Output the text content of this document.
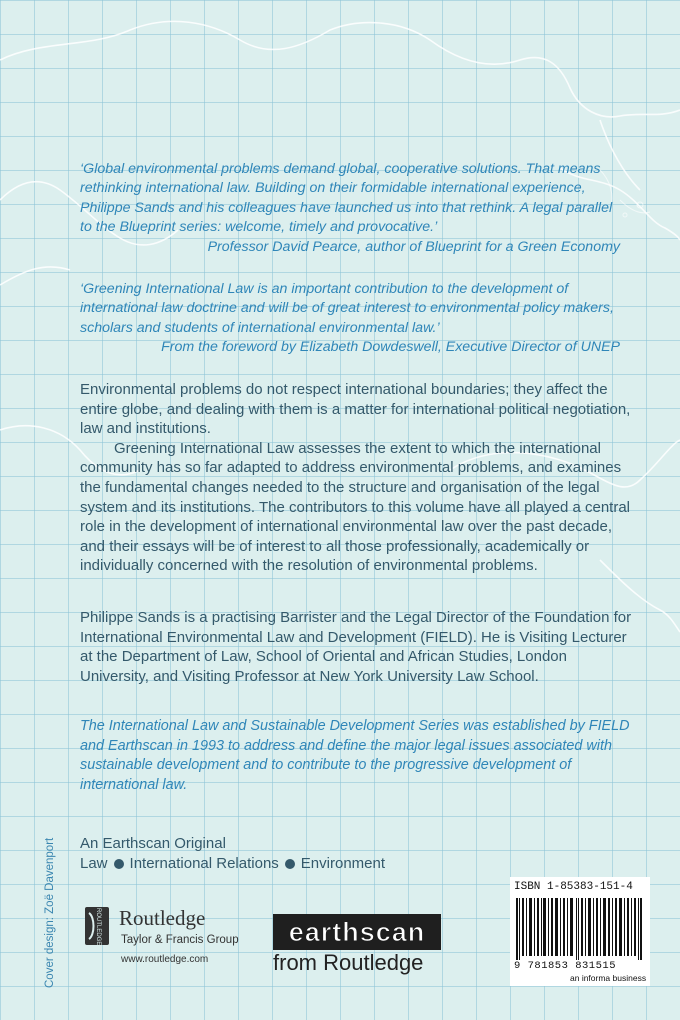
‘Global environmental problems demand global, cooperative solutions. That means rethinking international law. Building on their formidable international experience, Philippe Sands and his colleagues have launched us into that rethink. A legal parallel to the Blueprint series: welcome, timely and provocative.’

Professor David Pearce, author of Blueprint for a Green Economy

‘Greening International Law is an important contribution to the development of international law doctrine and will be of great interest to environmental policy makers, scholars and students of international environmental law.’

From the foreword by Elizabeth Dowdeswell, Executive Director of UNEP

Environmental problems do not respect international boundaries; they affect the entire globe, and dealing with them is a matter for international political negotiation, law and institutions.

Greening International Law assesses the extent to which the international community has so far adapted to address environmental problems, and examines the fundamental changes needed to the structure and organisation of the legal system and its institutions. The contributors to this volume have all played a central role in the development of international environmental law over the past decade, and their essays will be of interest to all those professionally, academically or individually concerned with the resolution of environmental problems.

Philippe Sands is a practising Barrister and the Legal Director of the Foundation for International Environmental Law and Development (FIELD). He is Visiting Lecturer at the Department of Law, School of Oriental and African Studies, London University, and Visiting Professor at New York University Law School.

The International Law and Sustainable Development Series was established by FIELD and Earthscan in 1993 to address and define the major legal issues associated with sustainable development and to contribute to the progressive development of international law.
Cover design: Zoë Davenport An Earthscan Original
Law International Relations Environment
ROUTLEDGE Routledge
Taylor & Francis Group
www.routledge.com
earthscan
from Routledge
ISBN 1-85383-151-4
9 781853 831515
an informa business
